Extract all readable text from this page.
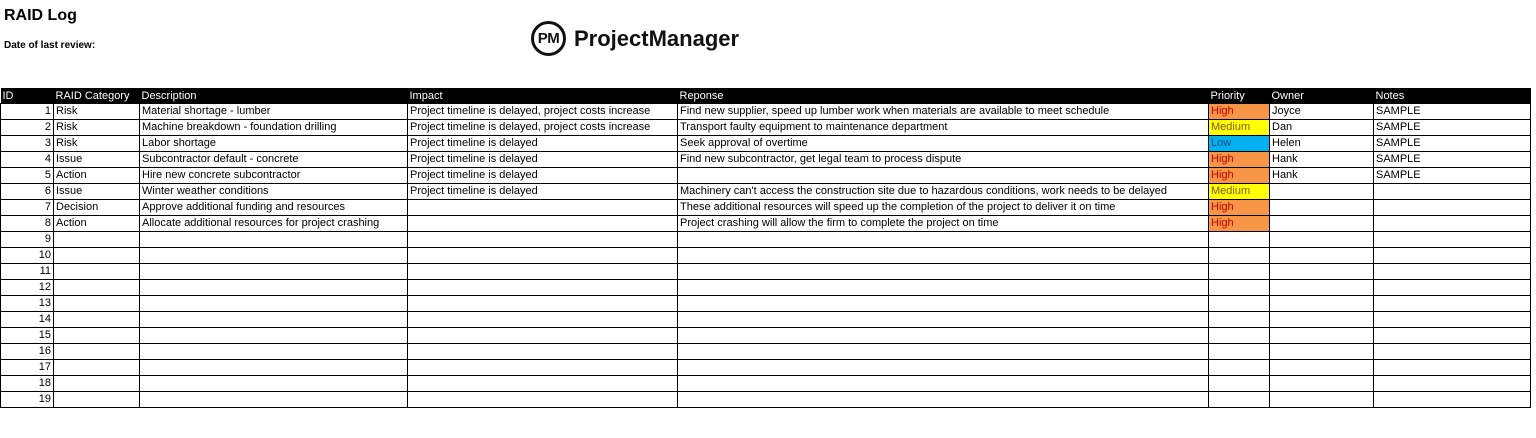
RAID Log
Date of last review:	PM ProjectManager
ID	RAID Category	Description	Impact	Reponse	Priority	Owner	Notes
1	Risk	Material shortage - lumber	Project timeline is delayed, project costs increase	Find new supplier, speed up lumber work when materials are available to meet schedule	High	Joyce	SAMPLE
2	Risk	Machine breakdown - foundation drilling	Project timeline is delayed, project costs increase	Transport faulty equipment to maintenance department	Medium	Dan	SAMPLE
3	Risk	Labor shortage	Project timeline is delayed	Seek approval of overtime	Low	Helen	SAMPLE
4	Issue	Subcontractor default - concrete	Project timeline is delayed	Find new subcontractor, get legal team to process dispute	High	Hank	SAMPLE
5	Action	Hire new concrete subcontractor	Project timeline is delayed		High	Hank	SAMPLE
6	Issue	Winter weather conditions	Project timeline is delayed	Machinery can't access the construction site due to hazardous conditions, work needs to be delayed	Medium		
7	Decision	Approve additional funding and resources		These additional resources will speed up the completion of the project to deliver it on time	High		
8	Action	Allocate additional resources for project crashing		Project crashing will allow the firm to complete the project on time	High		
9							
10							
11							
12							
13							
14							
15							
16							
17							
18							
19							
